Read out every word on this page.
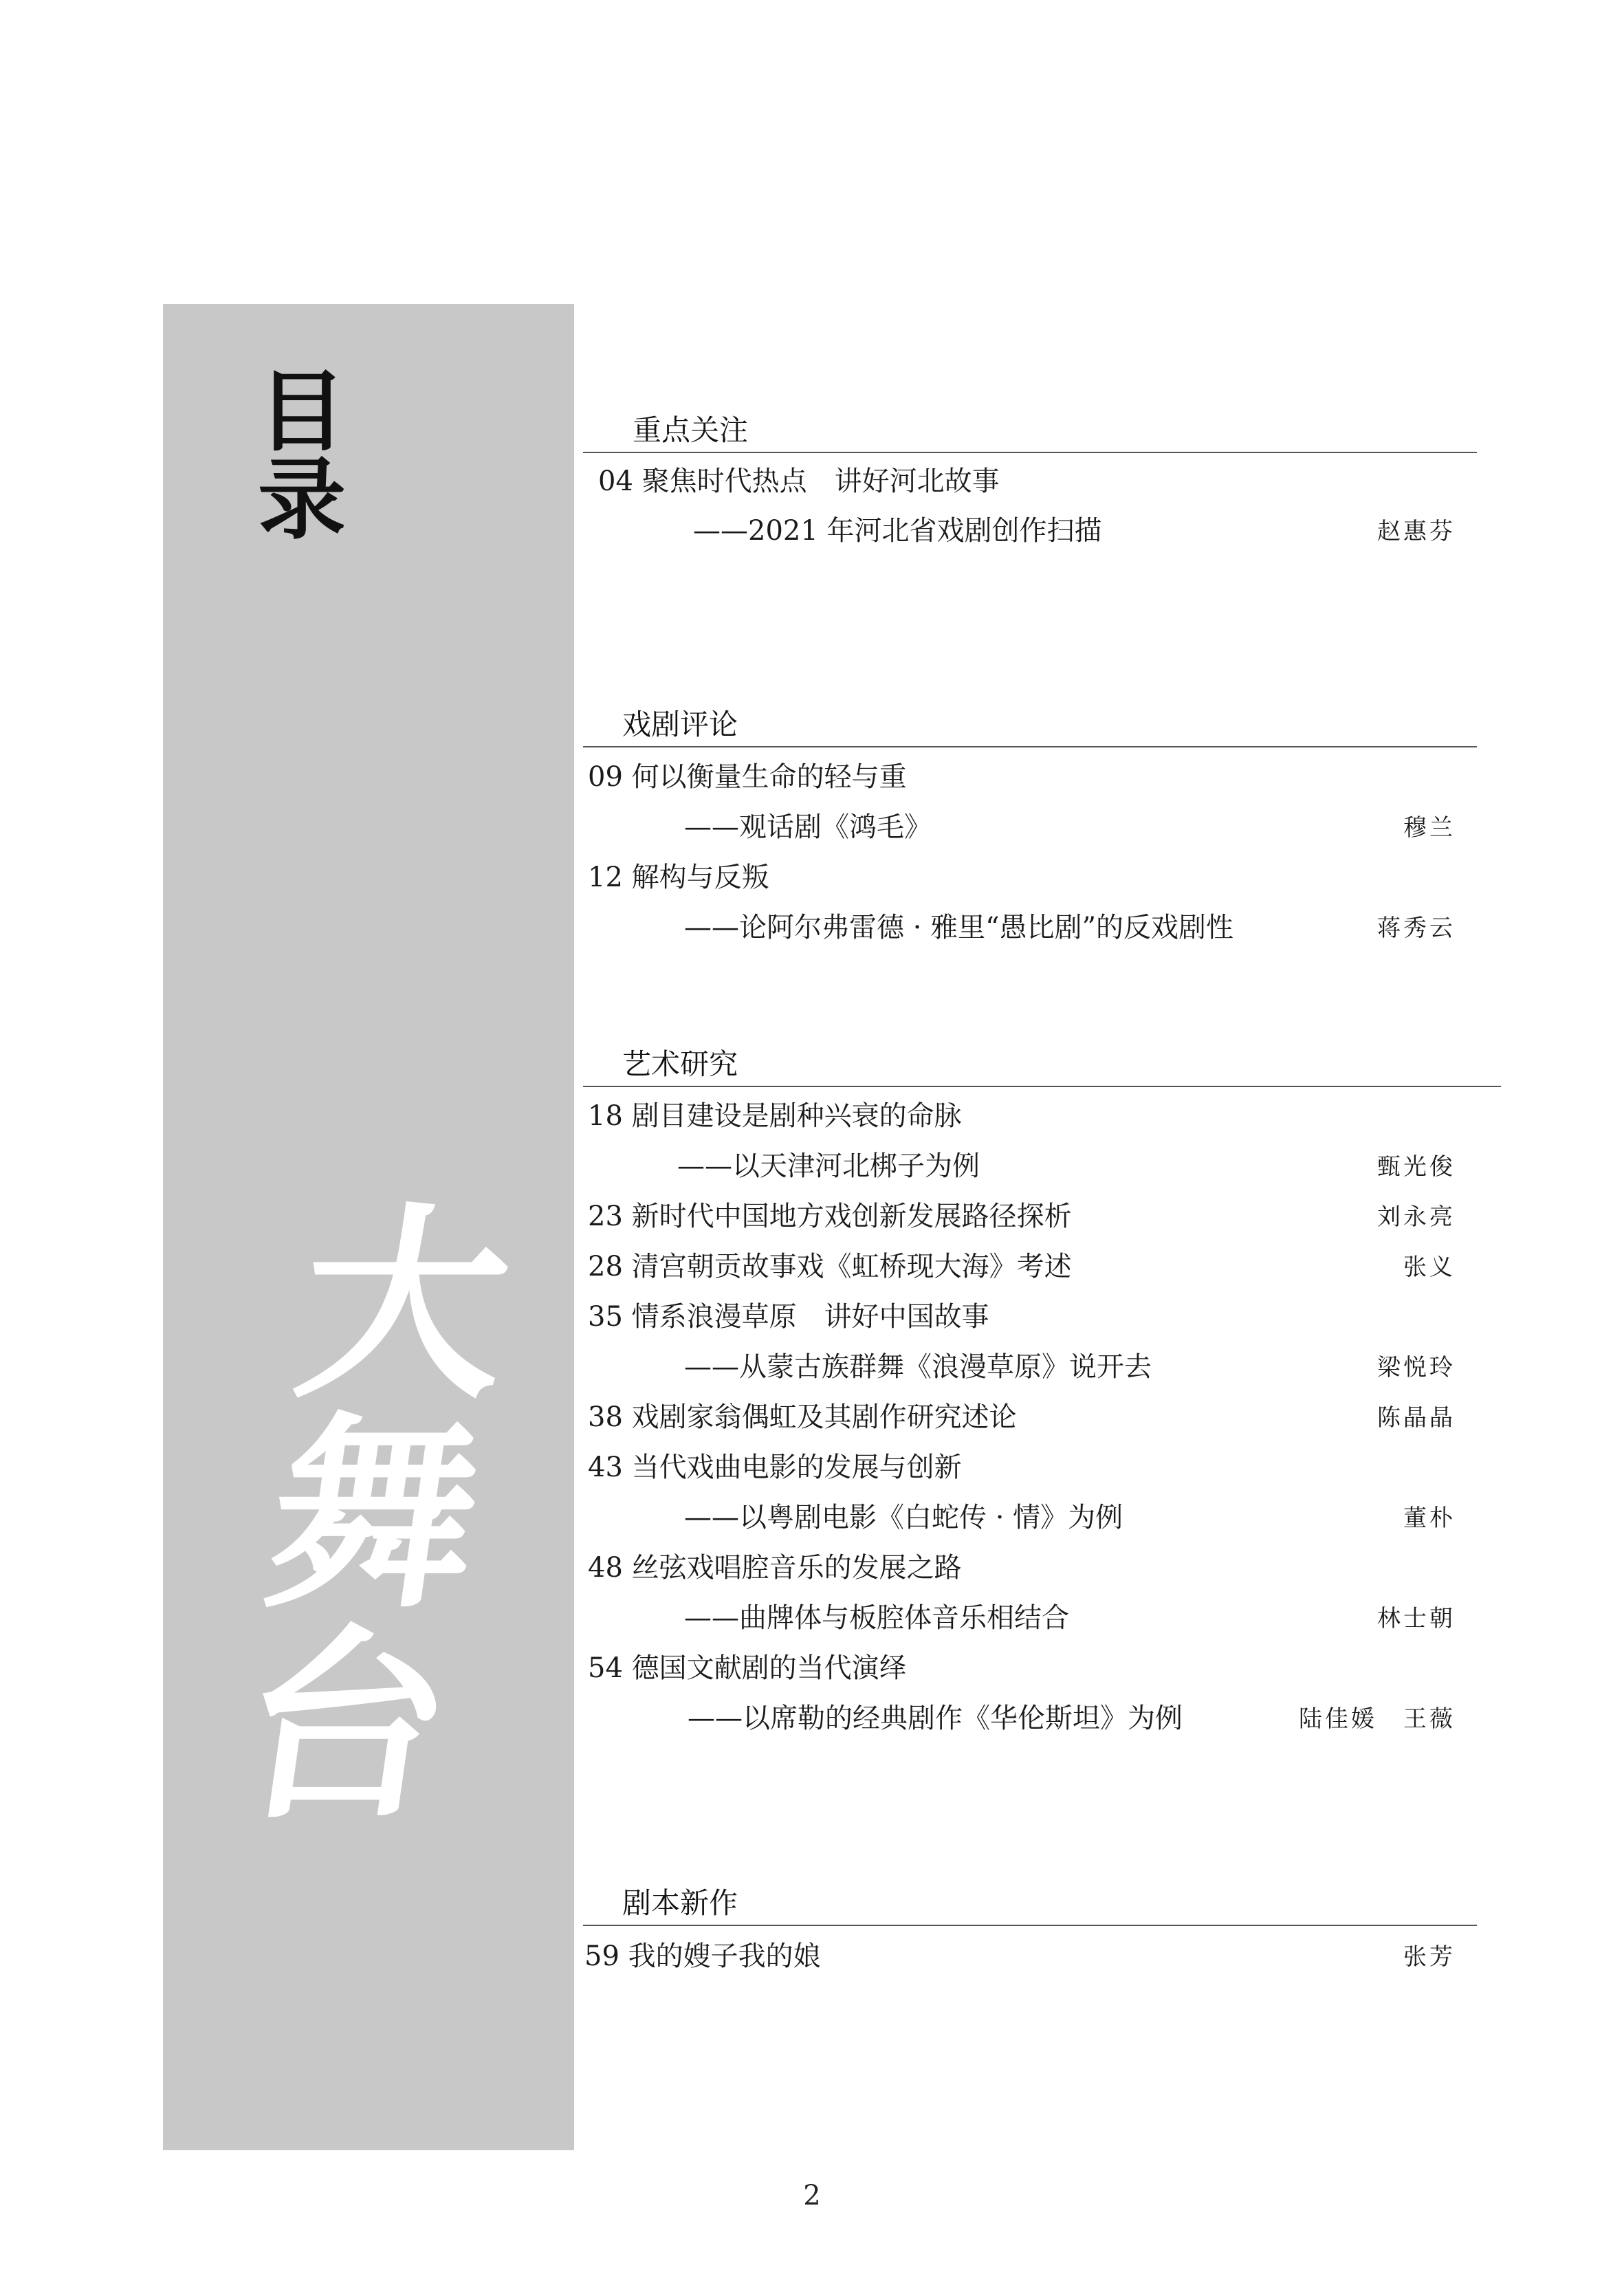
目 录
大
舞
台
重点关注
04 聚焦时代热点　讲好河北故事
——2021 年河北省戏剧创作扫描	赵惠芬
戏剧评论
09 何以衡量生命的轻与重
——观话剧《鸿毛》	穆兰
12 解构与反叛
——论阿尔弗雷德 · 雅里“愚比剧”的反戏剧性	蒋秀云
艺术研究
18 剧目建设是剧种兴衰的命脉
——以天津河北梆子为例	甄光俊
23 新时代中国地方戏创新发展路径探析	刘永亮
28 清宫朝贡故事戏《虹桥现大海》考述	张义
35 情系浪漫草原　讲好中国故事
——从蒙古族群舞《浪漫草原》说开去	梁悦玲
38 戏剧家翁偶虹及其剧作研究述论	陈晶晶
43 当代戏曲电影的发展与创新
——以粤剧电影《白蛇传 · 情》为例	董朴
48 丝弦戏唱腔音乐的发展之路
——曲牌体与板腔体音乐相结合	林士朝
54 德国文献剧的当代演绎
——以席勒的经典剧作《华伦斯坦》为例	陆佳媛　王薇
剧本新作
59 我的嫂子我的娘	张芳
2
